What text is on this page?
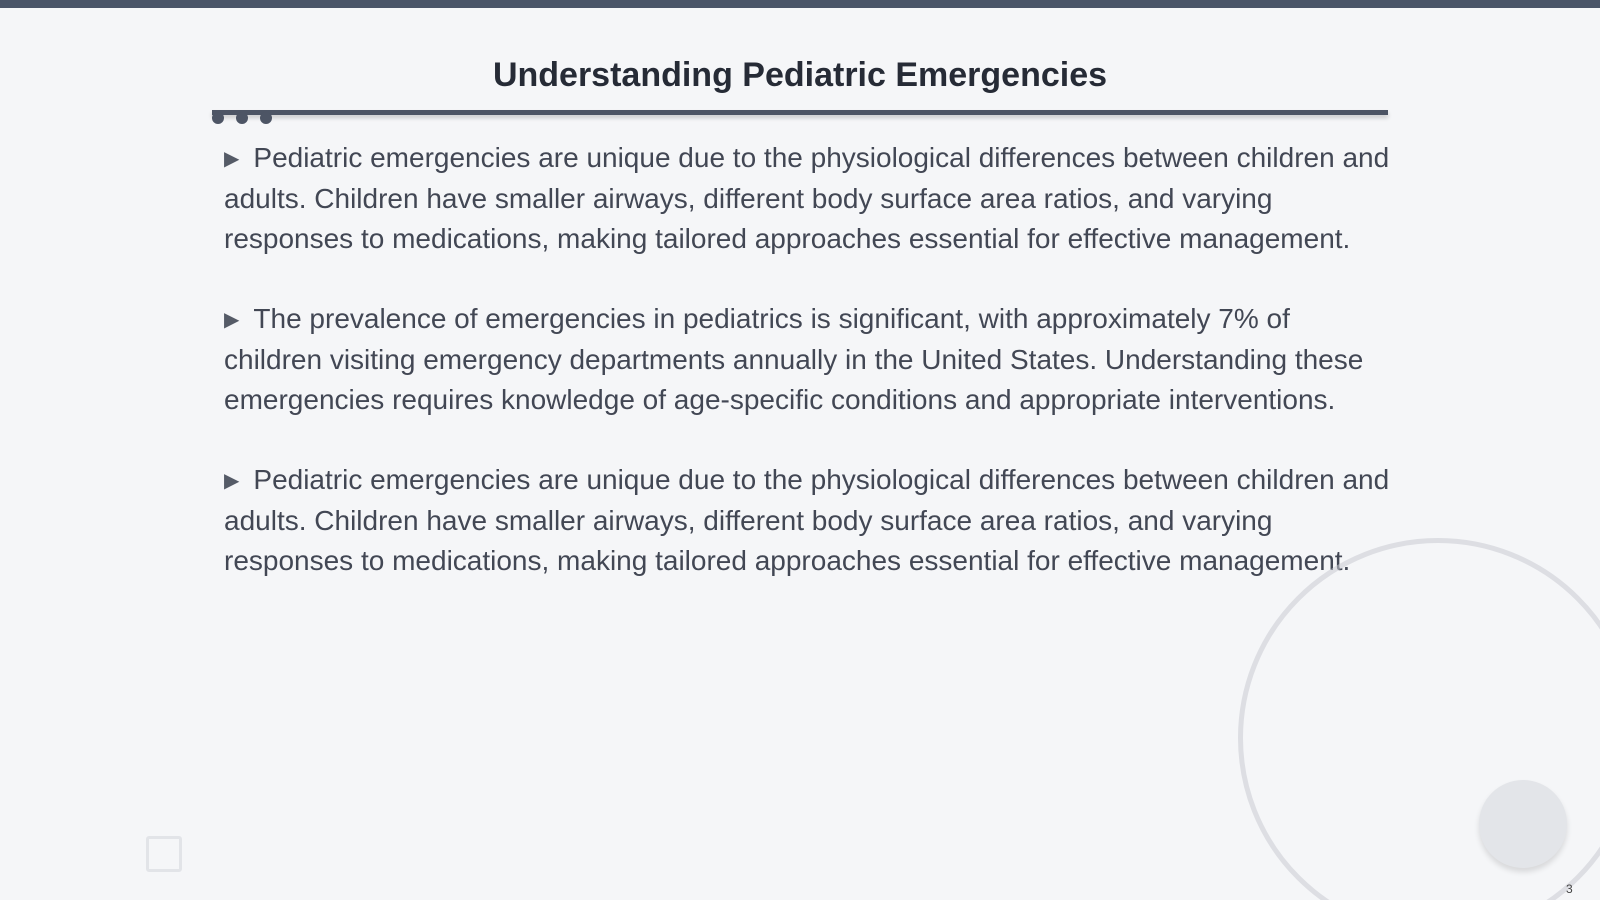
Understanding Pediatric Emergencies

▶ Pediatric emergencies are unique due to the physiological differences between children and adults. Children have smaller airways, different body surface area ratios, and varying responses to medications, making tailored approaches essential for effective management.

▶ The prevalence of emergencies in pediatrics is significant, with approximately 7% of children visiting emergency departments annually in the United States. Understanding these emergencies requires knowledge of age-specific conditions and appropriate interventions.

▶ Pediatric emergencies are unique due to the physiological differences between children and adults. Children have smaller airways, different body surface area ratios, and varying responses to medications, making tailored approaches essential for effective management.

3
